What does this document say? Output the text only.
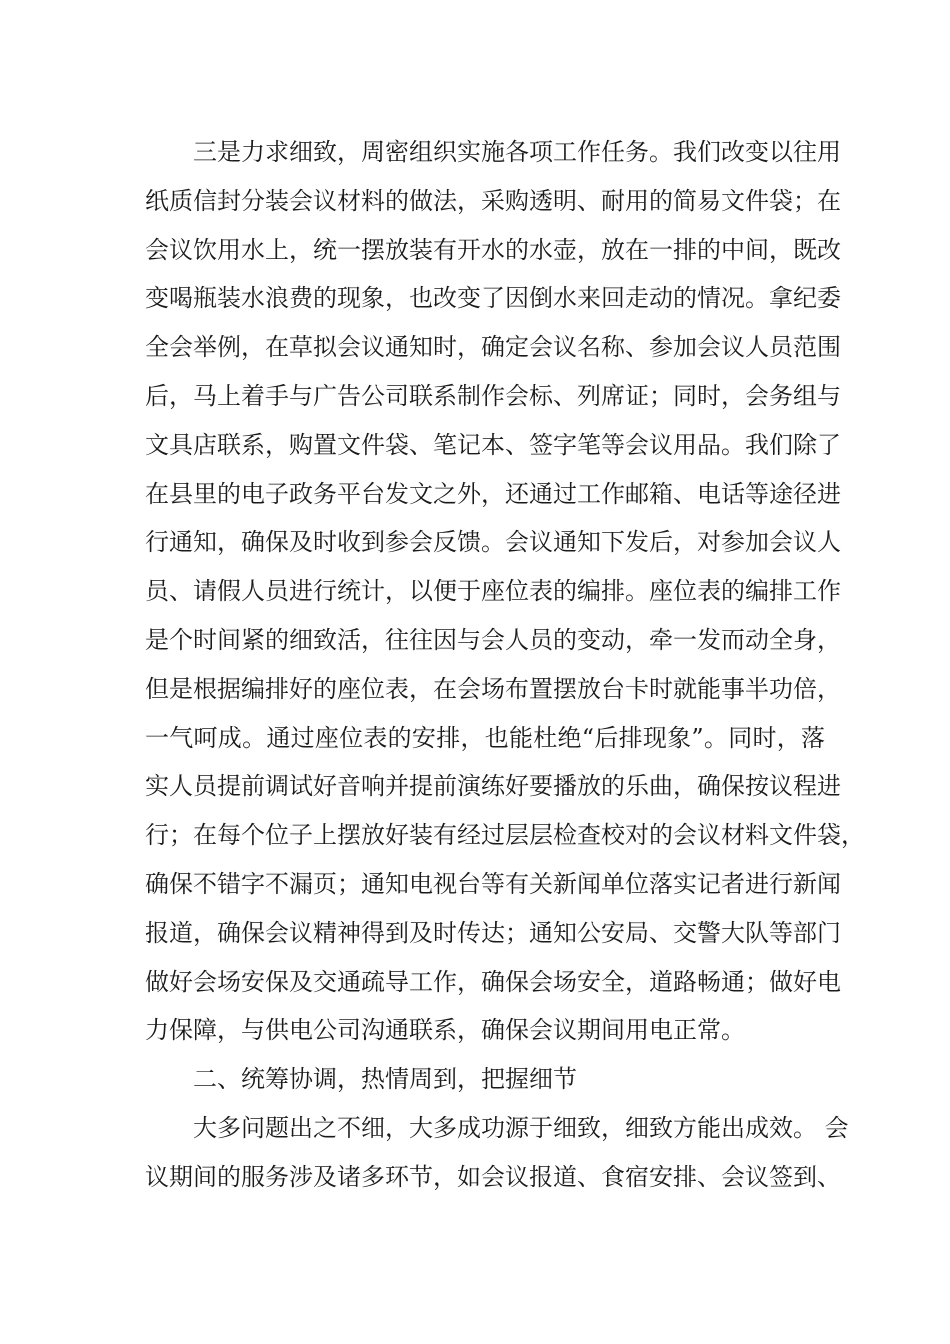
三是力求细致，周密组织实施各项工作任务。我们改变以往用
纸质信封分装会议材料的做法，采购透明、耐用的简易文件袋；在
会议饮用水上，统一摆放装有开水的水壶，放在一排的中间，既改
变喝瓶装水浪费的现象，也改变了因倒水来回走动的情况。拿纪委
全会举例，在草拟会议通知时，确定会议名称、参加会议人员范围
后，马上着手与广告公司联系制作会标、列席证；同时，会务组与
文具店联系，购置文件袋、笔记本、签字笔等会议用品。我们除了
在县里的电子政务平台发文之外，还通过工作邮箱、电话等途径进
行通知，确保及时收到参会反馈。会议通知下发后，对参加会议人
员、请假人员进行统计，以便于座位表的编排。座位表的编排工作
是个时间紧的细致活，往往因与会人员的变动，牵一发而动全身，
但是根据编排好的座位表，在会场布置摆放台卡时就能事半功倍，
一气呵成。通过座位表的安排，也能杜绝“后排现象”。同时，落
实人员提前调试好音响并提前演练好要播放的乐曲，确保按议程进
行；在每个位子上摆放好装有经过层层检查校对的会议材料文件袋，
确保不错字不漏页；通知电视台等有关新闻单位落实记者进行新闻
报道，确保会议精神得到及时传达；通知公安局、交警大队等部门
做好会场安保及交通疏导工作，确保会场安全，道路畅通；做好电
力保障，与供电公司沟通联系，确保会议期间用电正常。
二、统筹协调，热情周到，把握细节
大多问题出之不细，大多成功源于细致，细致方能出成效。 会
议期间的服务涉及诸多环节，如会议报道、食宿安排、会议签到、
